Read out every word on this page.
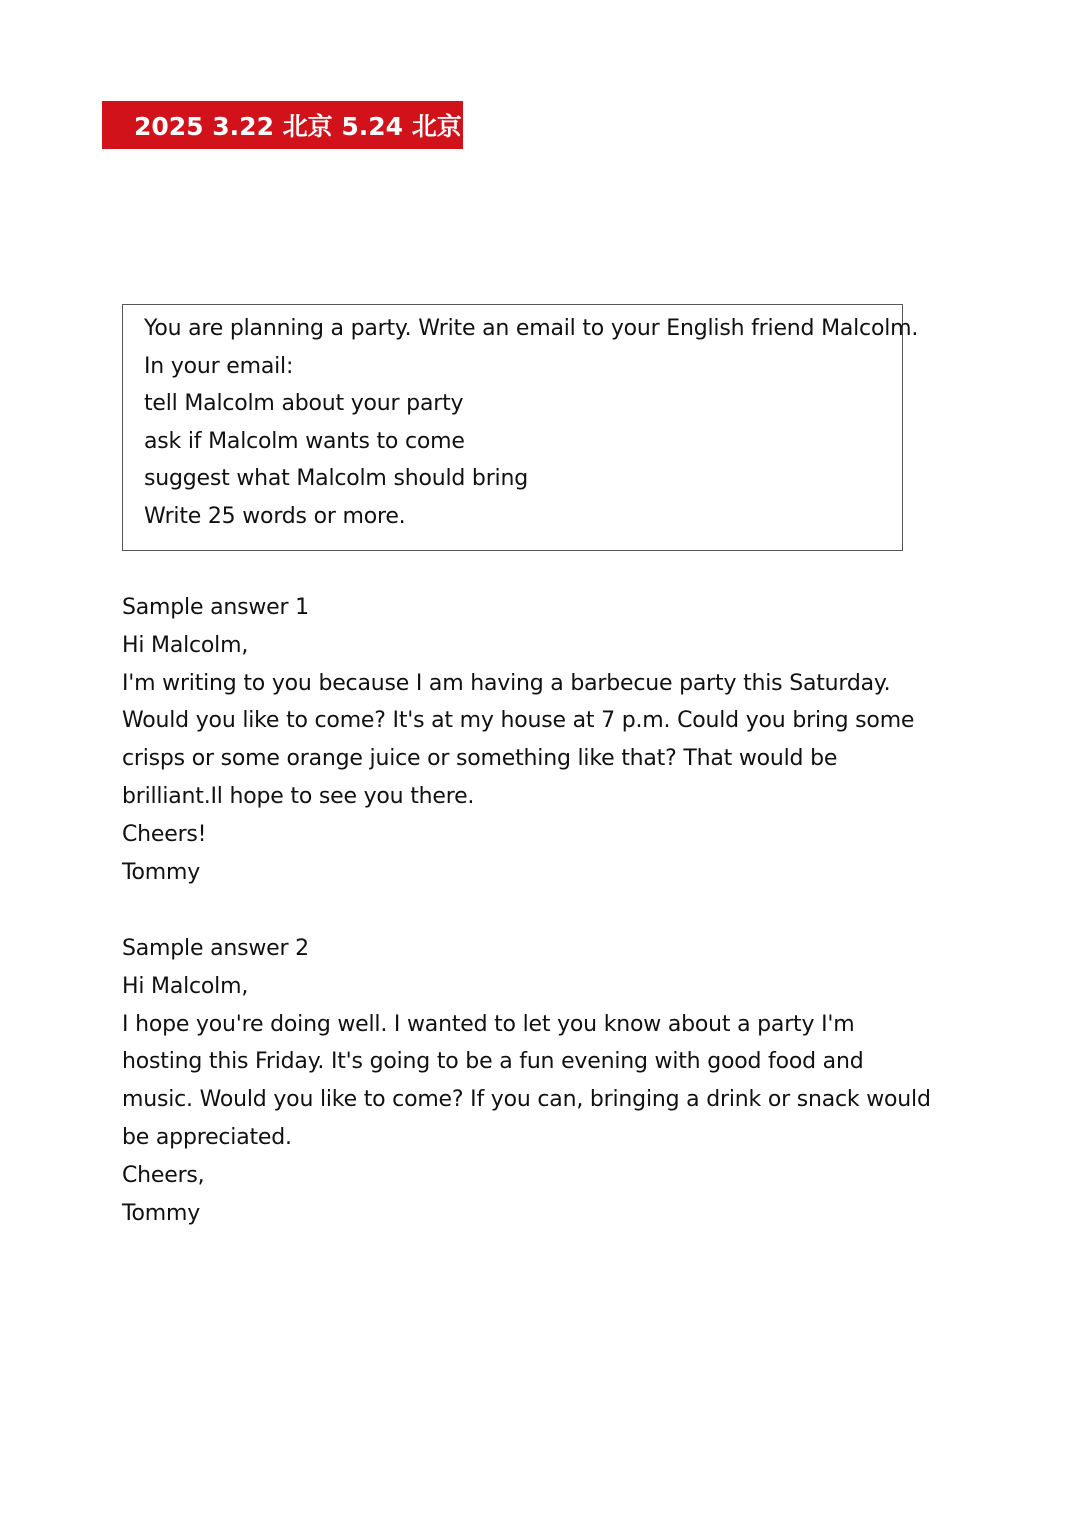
2025 3.22 北京 5.24 北京
You are planning a party. Write an email to your English friend Malcolm.
In your email:
tell Malcolm about your party
ask if Malcolm wants to come
suggest what Malcolm should bring
Write 25 words or more.
Sample answer 1
Hi Malcolm,
I'm writing to you because I am having a barbecue party this Saturday. Would you like to come? It's at my house at 7 p.m. Could you bring some crisps or some orange juice or something like that? That would be brilliant.Il hope to see you there.
Cheers!
Tommy
Sample answer 2
Hi Malcolm,
I hope you're doing well. I wanted to let you know about a party I'm hosting this Friday. It's going to be a fun evening with good food and music. Would you like to come? If you can, bringing a drink or snack would be appreciated.
Cheers,
Tommy
